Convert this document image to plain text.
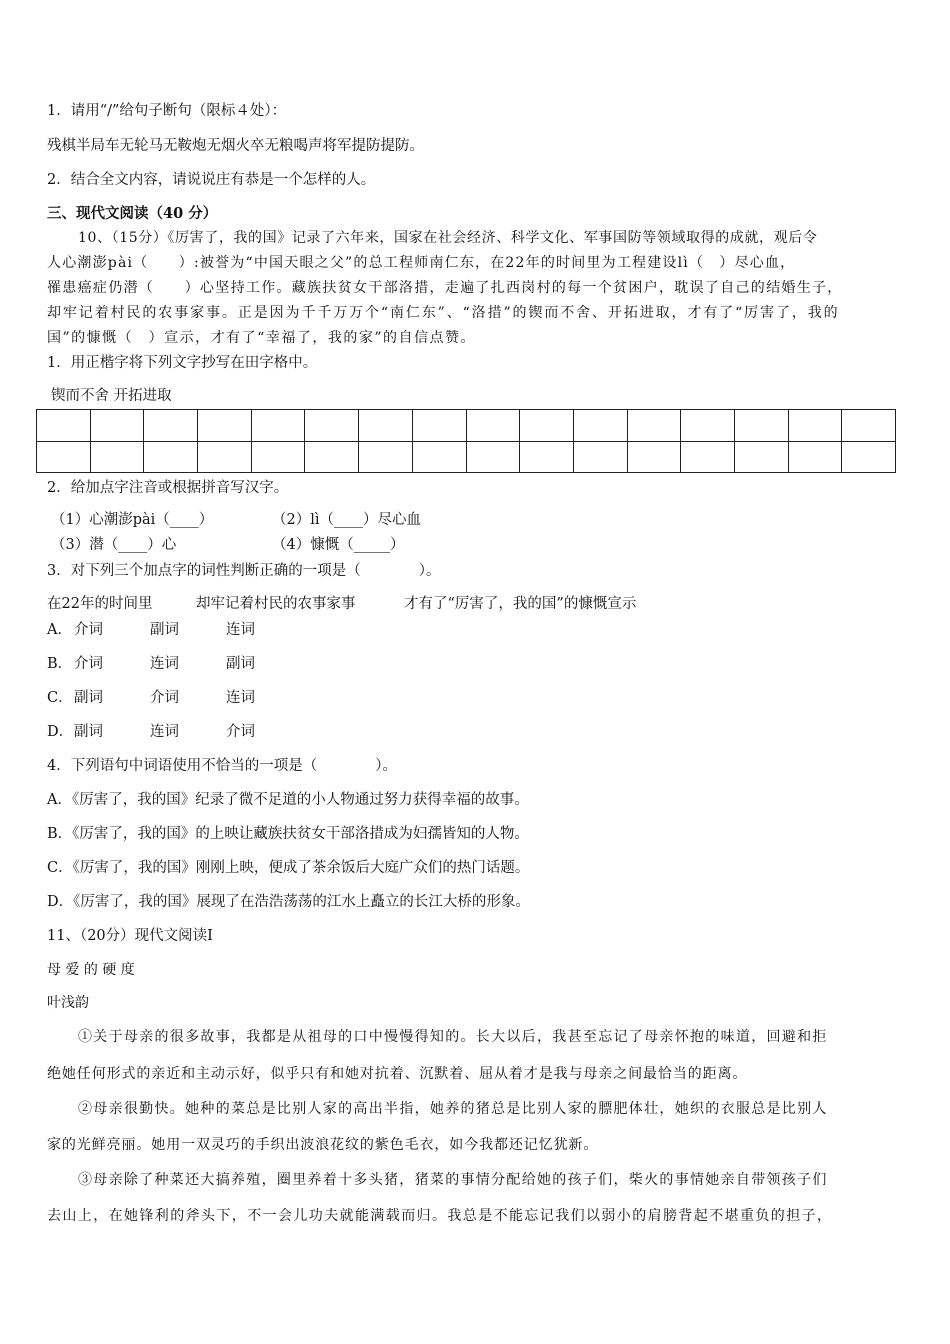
1．请用“/”给句子断句（限标４处）：
残棋半局车无轮马无鞍炮无烟火卒无粮喝声将军提防提防。
2．结合全文内容，请说说庄有恭是一个怎样的人。
三、现代文阅读（40 分）
10、（15分）《厉害了，我的国》记录了六年来，国家在社会经济、科学文化、军事国防等领域取得的成就，观后令
人心潮澎pài（　　）:被誉为“中国天眼之父”的总工程师南仁东，在22年的时间里为工程建设lì（　）尽心血，
罹患癌症仍潜（　　）心坚持工作。藏族扶贫女干部洛措，走遍了扎西岗村的每一个贫困户，耽误了自己的结婚生子，
却牢记着村民的农事家事。正是因为千千万万个“南仁东”、“洛措”的锲而不舍、开拓进取，才有了“厉害了，我的
国”的慷慨（　）宣示，才有了“幸福了，我的家”的自信点赞。
1．用正楷字将下列文字抄写在田字格中。
锲而不舍 开拓进取

2．给加点字注音或根据拼音写汉字。
（1）心潮澎pài（____）	（2）lì（____）尽心血
（3）潜（____）心	（4）慷慨（_____）
3．对下列三个加点字的词性判断正确的一项是（　　　　）。
在22年的时间里	却牢记着村民的农事家事	才有了“厉害了，我的国”的慷慨宣示
A． 介词	副词	连词
B． 介词	连词	副词
C． 副词	介词	连词
D． 副词	连词	介词
4．下列语句中词语使用不恰当的一项是（　　　　）。
A．《厉害了，我的国》纪录了微不足道的小人物通过努力获得幸福的故事。
B．《厉害了，我的国》的上映让藏族扶贫女干部洛措成为妇孺皆知的人物。
C．《厉害了，我的国》刚刚上映，便成了茶余饭后大庭广众们的热门话题。
D．《厉害了，我的国》展现了在浩浩荡荡的江水上矗立的长江大桥的形象。
11、（20分）现代文阅读Ⅰ
母 爱 的 硬 度
叶浅韵
①关于母亲的很多故事，我都是从祖母的口中慢慢得知的。长大以后，我甚至忘记了母亲怀抱的味道，回避和拒
绝她任何形式的亲近和主动示好，似乎只有和她对抗着、沉默着、屈从着才是我与母亲之间最恰当的距离。
②母亲很勤快。她种的菜总是比别人家的高出半指，她养的猪总是比别人家的膘肥体壮，她织的衣服总是比别人
家的光鲜亮丽。她用一双灵巧的手织出波浪花纹的紫色毛衣，如今我都还记忆犹新。
③母亲除了种菜还大搞养殖，圈里养着十多头猪，猪菜的事情分配给她的孩子们，柴火的事情她亲自带领孩子们
去山上，在她锋利的斧头下，不一会儿功夫就能满载而归。我总是不能忘记我们以弱小的肩膀背起不堪重负的担子，
